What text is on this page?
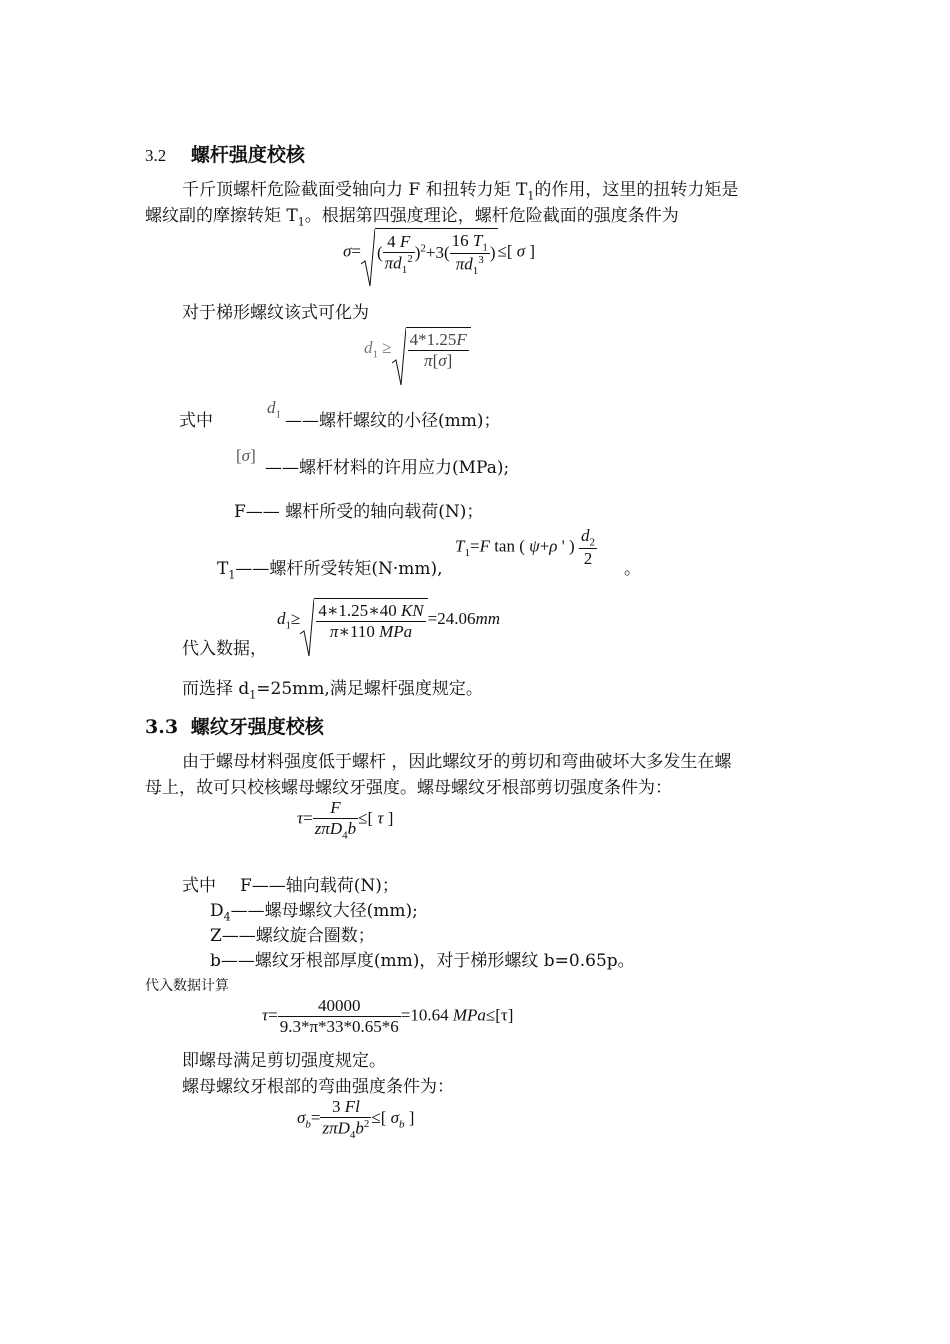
3.2 螺杆强度校核
千斤顶螺杆危险截面受轴向力 F 和扭转力矩 $T_1$的作用，这里的扭转力矩是
螺纹副的摩擦转矩 $T_1$。根据第四强度理论，螺杆危险截面的强度条件为
σ= ( $\frac{4 F}{\pi d_1^2} )^2+3( \frac{16 T_1}{\pi d_1^3}$ ) ≤[ σ ]
对于梯形螺纹该式可化为
$d_1 \ge \frac{4*1.25F}{\pi[\sigma]}$
式中
$d_1$ ——螺杆螺纹的小径(mm)；
[σ]
——螺杆材料的许用应力(MPa);
F—— 螺杆所受的轴向载荷(N)；
$T_1——$螺杆所受转矩(N·mm),
$T_1=F$ tan ( ψ+ρ ' ) $\frac{d_2}{2}$ 。
代入数据，
$d_1\ge \frac{4∗1.25∗40 KN}{\text{π∗110 MPa}} =24.06mm$
而选择 $d_1=25mm$,满足螺杆强度规定。
3.3 螺纹牙强度校核
由于螺母材料强度低于螺杆 ，因此螺纹牙的剪切和弯曲破坏大多发生在螺
母上，故可只校核螺母螺纹牙强度。螺母螺纹牙根部剪切强度条件为：
$\tau= \frac{F}{z\pi D_4b}$ ≤[ τ ]
式中 F——轴向载荷(N)；
$D_4——$螺母螺纹大径(mm);
Z——螺纹旋合圈数；
b——螺纹牙根部厚度(mm)，对于梯形螺纹 b=0.65p。
代入数据计算
$\tau= \frac{40000}{9.3*\pi*33*0.65*6} =10.64$ MPa≤[τ]
即螺母满足剪切强度规定。
螺母螺纹牙根部的弯曲强度条件为：
$\sigma_b= \frac{3 Fl}{z\pi D_4b^2}$ ≤[ $\sigma_b$ ]
